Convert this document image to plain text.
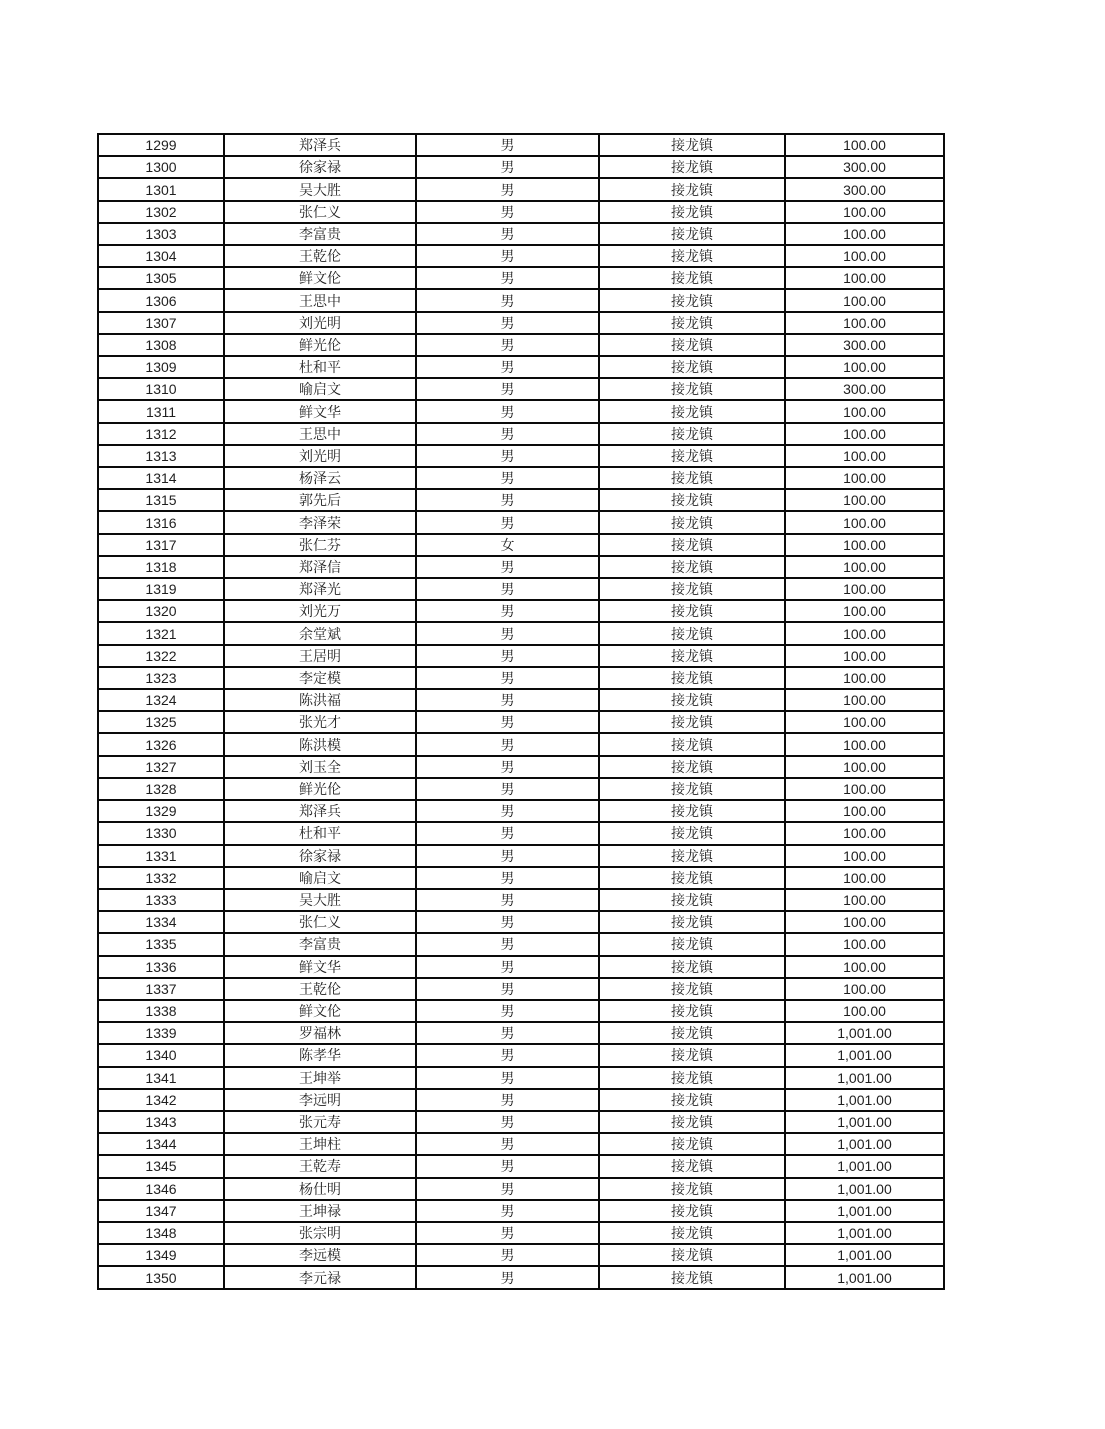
1299	郑泽兵	男	接龙镇	100.00
1300	徐家禄	男	接龙镇	300.00
1301	吴大胜	男	接龙镇	300.00
1302	张仁义	男	接龙镇	100.00
1303	李富贵	男	接龙镇	100.00
1304	王乾伦	男	接龙镇	100.00
1305	鲜文伦	男	接龙镇	100.00
1306	王思中	男	接龙镇	100.00
1307	刘光明	男	接龙镇	100.00
1308	鲜光伦	男	接龙镇	300.00
1309	杜和平	男	接龙镇	100.00
1310	喻启文	男	接龙镇	300.00
1311	鲜文华	男	接龙镇	100.00
1312	王思中	男	接龙镇	100.00
1313	刘光明	男	接龙镇	100.00
1314	杨泽云	男	接龙镇	100.00
1315	郭先后	男	接龙镇	100.00
1316	李泽荣	男	接龙镇	100.00
1317	张仁芬	女	接龙镇	100.00
1318	郑泽信	男	接龙镇	100.00
1319	郑泽光	男	接龙镇	100.00
1320	刘光万	男	接龙镇	100.00
1321	余堂斌	男	接龙镇	100.00
1322	王居明	男	接龙镇	100.00
1323	李定模	男	接龙镇	100.00
1324	陈洪福	男	接龙镇	100.00
1325	张光才	男	接龙镇	100.00
1326	陈洪模	男	接龙镇	100.00
1327	刘玉全	男	接龙镇	100.00
1328	鲜光伦	男	接龙镇	100.00
1329	郑泽兵	男	接龙镇	100.00
1330	杜和平	男	接龙镇	100.00
1331	徐家禄	男	接龙镇	100.00
1332	喻启文	男	接龙镇	100.00
1333	吴大胜	男	接龙镇	100.00
1334	张仁义	男	接龙镇	100.00
1335	李富贵	男	接龙镇	100.00
1336	鲜文华	男	接龙镇	100.00
1337	王乾伦	男	接龙镇	100.00
1338	鲜文伦	男	接龙镇	100.00
1339	罗福林	男	接龙镇	1,001.00
1340	陈孝华	男	接龙镇	1,001.00
1341	王坤举	男	接龙镇	1,001.00
1342	李远明	男	接龙镇	1,001.00
1343	张元寿	男	接龙镇	1,001.00
1344	王坤柱	男	接龙镇	1,001.00
1345	王乾寿	男	接龙镇	1,001.00
1346	杨仕明	男	接龙镇	1,001.00
1347	王坤禄	男	接龙镇	1,001.00
1348	张宗明	男	接龙镇	1,001.00
1349	李远模	男	接龙镇	1,001.00
1350	李元禄	男	接龙镇	1,001.00
